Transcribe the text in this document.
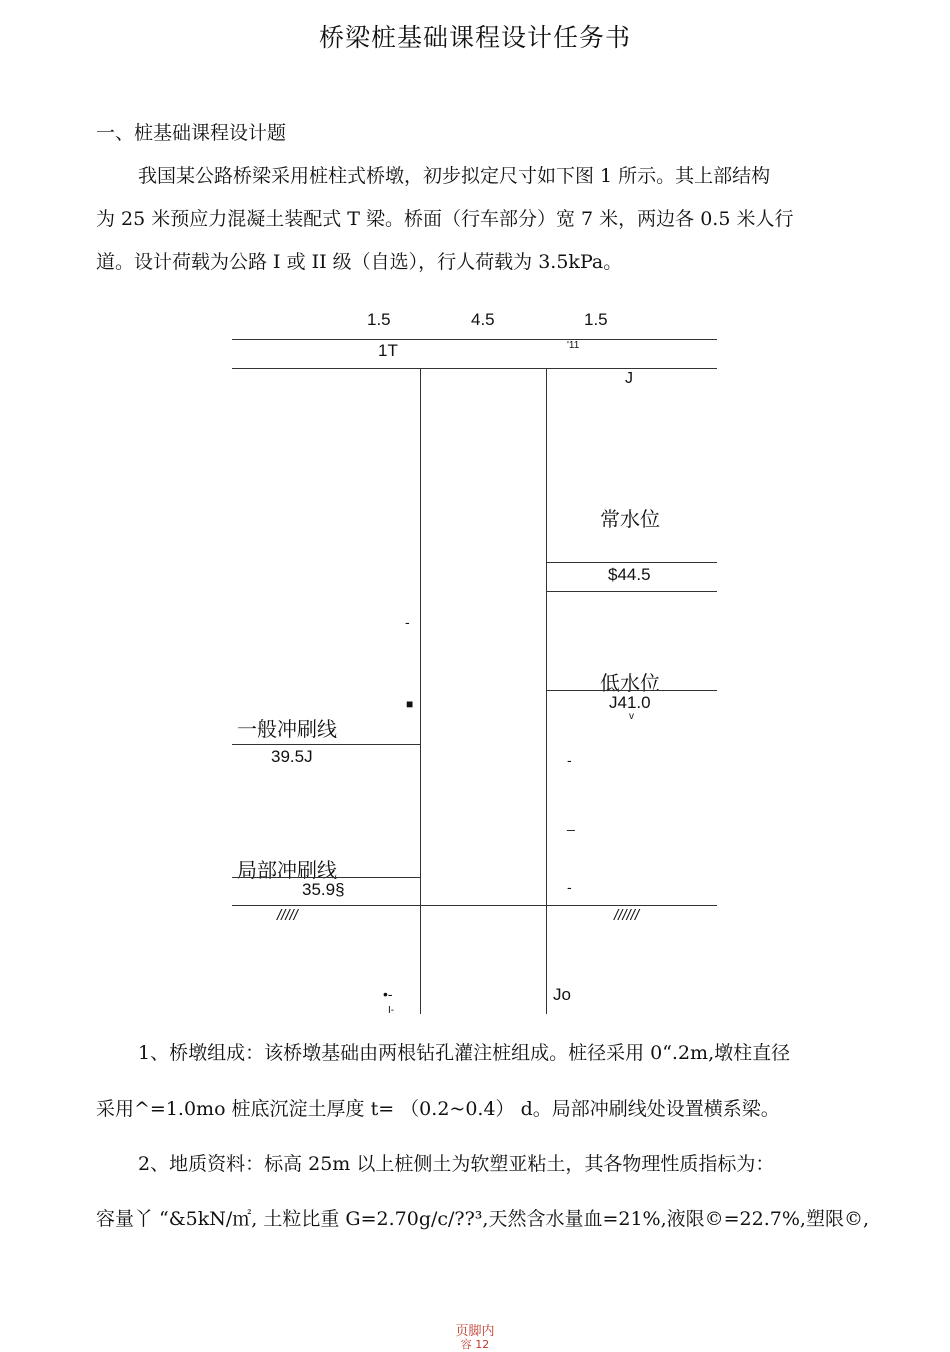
桥梁桩基础课程设计任务书
一、桩基础课程设计题
我国某公路桥梁采用桩柱式桥墩，初步拟定尺寸如下图 1 所示。其上部结构
为 25 米预应力混凝土装配式 T 梁。桥面（行车部分）宽 7 米，两边各 0.5 米人行
道。设计荷载为公路 I 或 II 级（自选），行人荷载为 3.5kPa。
1.5	4.5	1.5
1T	'11
J
常水位
$44.5
-
低水位
J41.0
v
■
一般冲刷线
39.5J	-
_
局部冲刷线
35.9§	-
/////	//////
•-
I-
Jo
1、桥墩组成：该桥墩基础由两根钻孔灌注桩组成。桩径采用 0“.2m,墩柱直径
采用^=1.0mo 桩底沉淀土厚度 t= （0.2~0.4） d。局部冲刷线处设置横系梁。
2、地质资料：标高 25m 以上桩侧土为软塑亚粘土，其各物理性质指标为：
容量丫 “&5kN/㎡, 土粒比重 G=2.70g/c/??³,天然含水量血=21%,液限©=22.7%,塑限©,
页脚内
容 12
